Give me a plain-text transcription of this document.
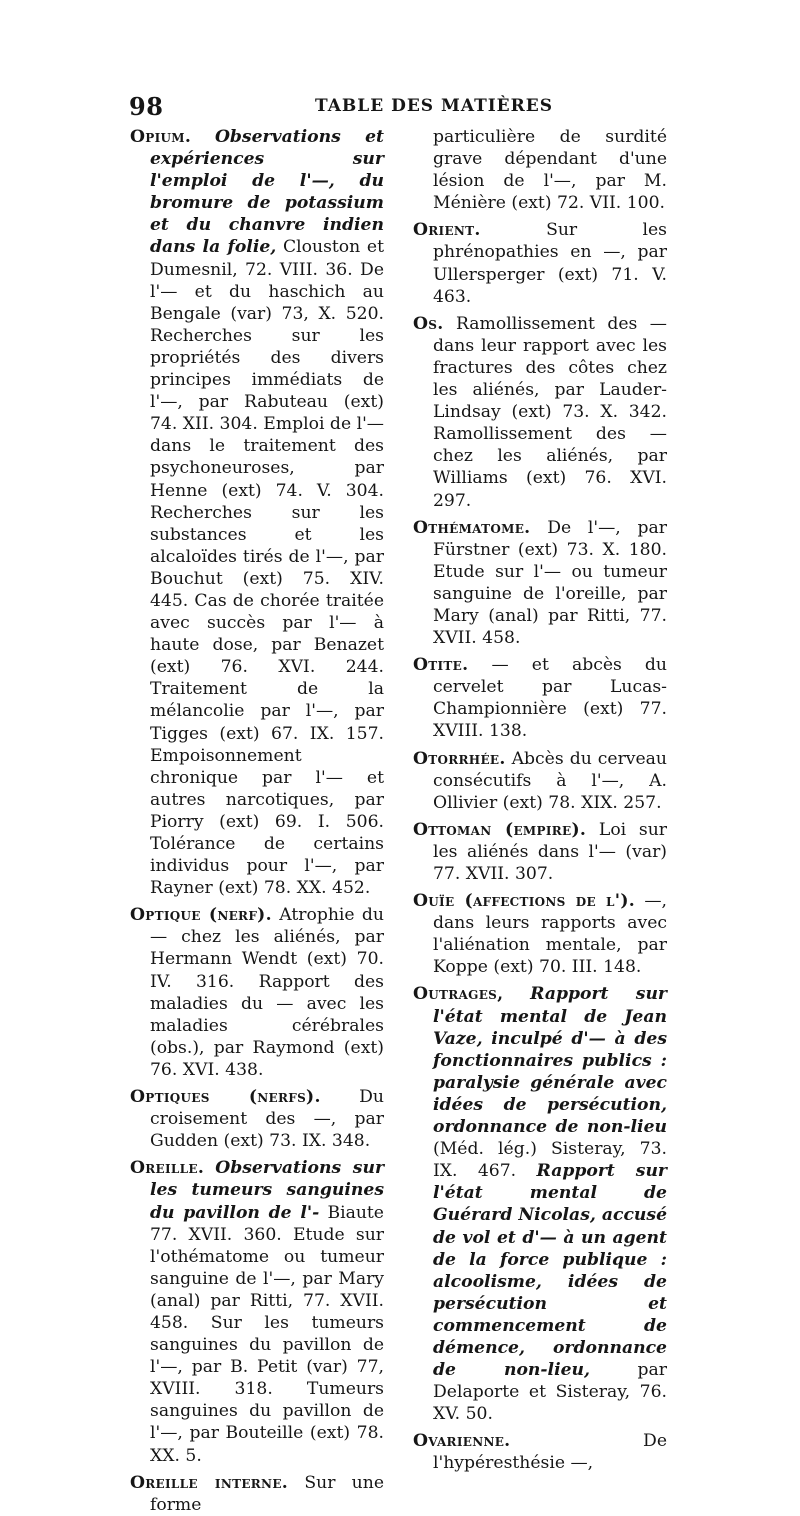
98	TABLE DES MATIÈRES

Opium. Observations et expériences sur l'emploi de l'—, du bromure de potassium et du chanvre indien dans la folie, Clouston et Dumesnil, 72. VIII. 36. De l'— et du haschich au Bengale (var) 73, X. 520. Recherches sur les propriétés des divers principes immédiats de l'—, par Rabuteau (ext) 74. XII. 304. Emploi de l'— dans le traitement des psychoneuroses, par Henne (ext) 74. V. 304. Recherches sur les substances et les alcaloïdes tirés de l'—, par Bouchut (ext) 75. XIV. 445. Cas de chorée traitée avec succès par l'— à haute dose, par Benazet (ext) 76. XVI. 244. Traitement de la mélancolie par l'—, par Tigges (ext) 67. IX. 157. Empoisonnement chronique par l'— et autres narcotiques, par Piorry (ext) 69. I. 506. Tolérance de certains individus pour l'—, par Rayner (ext) 78. XX. 452.

Optique (nerf). Atrophie du — chez les aliénés, par Hermann Wendt (ext) 70. IV. 316. Rapport des maladies du — avec les maladies cérébrales (obs.), par Raymond (ext) 76. XVI. 438.

Optiques (nerfs). Du croisement des —, par Gudden (ext) 73. IX. 348.

Oreille. Observations sur les tumeurs sanguines du pavillon de l'- Biaute 77. XVII. 360. Etude sur l'othématome ou tumeur sanguine de l'—, par Mary (anal) par Ritti, 77. XVII. 458. Sur les tumeurs sanguines du pavillon de l'—, par B. Petit (var) 77, XVIII. 318. Tumeurs sanguines du pavillon de l'—, par Bouteille (ext) 78. XX. 5.

Oreille interne. Sur une forme

particulière de surdité grave dépendant d'une lésion de l'—, par M. Ménière (ext) 72. VII. 100.

Orient.	Sur les phrénopathies en —, par Ullersperger (ext) 71. V. 463.

Os. Ramollissement des — dans leur rapport avec les fractures des côtes chez les aliénés, par Lauder-Lindsay (ext) 73. X. 342. Ramollissement des — chez les aliénés, par Williams (ext) 76. XVI. 297.

Othématome. De l'—, par Fürstner (ext) 73. X. 180. Etude sur l'— ou tumeur sanguine de l'oreille, par Mary (anal) par Ritti, 77. XVII. 458.

Otite. — et abcès du cervelet par Lucas-Championnière (ext) 77. XVIII. 138.

Otorrhée. Abcès du cerveau consécutifs à l'—, A. Ollivier (ext) 78. XIX. 257.

Ottoman (empire). Loi sur les aliénés dans l'— (var) 77. XVII. 307.

Ouïe (affections de l'). —, dans leurs rapports avec l'aliénation mentale, par Koppe (ext) 70. III. 148.

Outrages, Rapport sur l'état mental de Jean Vaze, inculpé d'— à des fonctionnaires publics : paralysie générale avec idées de persécution, ordonnance de non-lieu (Méd. lég.) Sisteray, 73. IX. 467. Rapport sur l'état mental de Guérard Nicolas, accusé de vol et d'— à un agent de la force publique : alcoolisme, idées de persécution et commencement de démence, ordonnance de non-lieu,	par Delaporte et Sisteray, 76. XV. 50.

Ovarienne.	De l'hypéresthésie —,
